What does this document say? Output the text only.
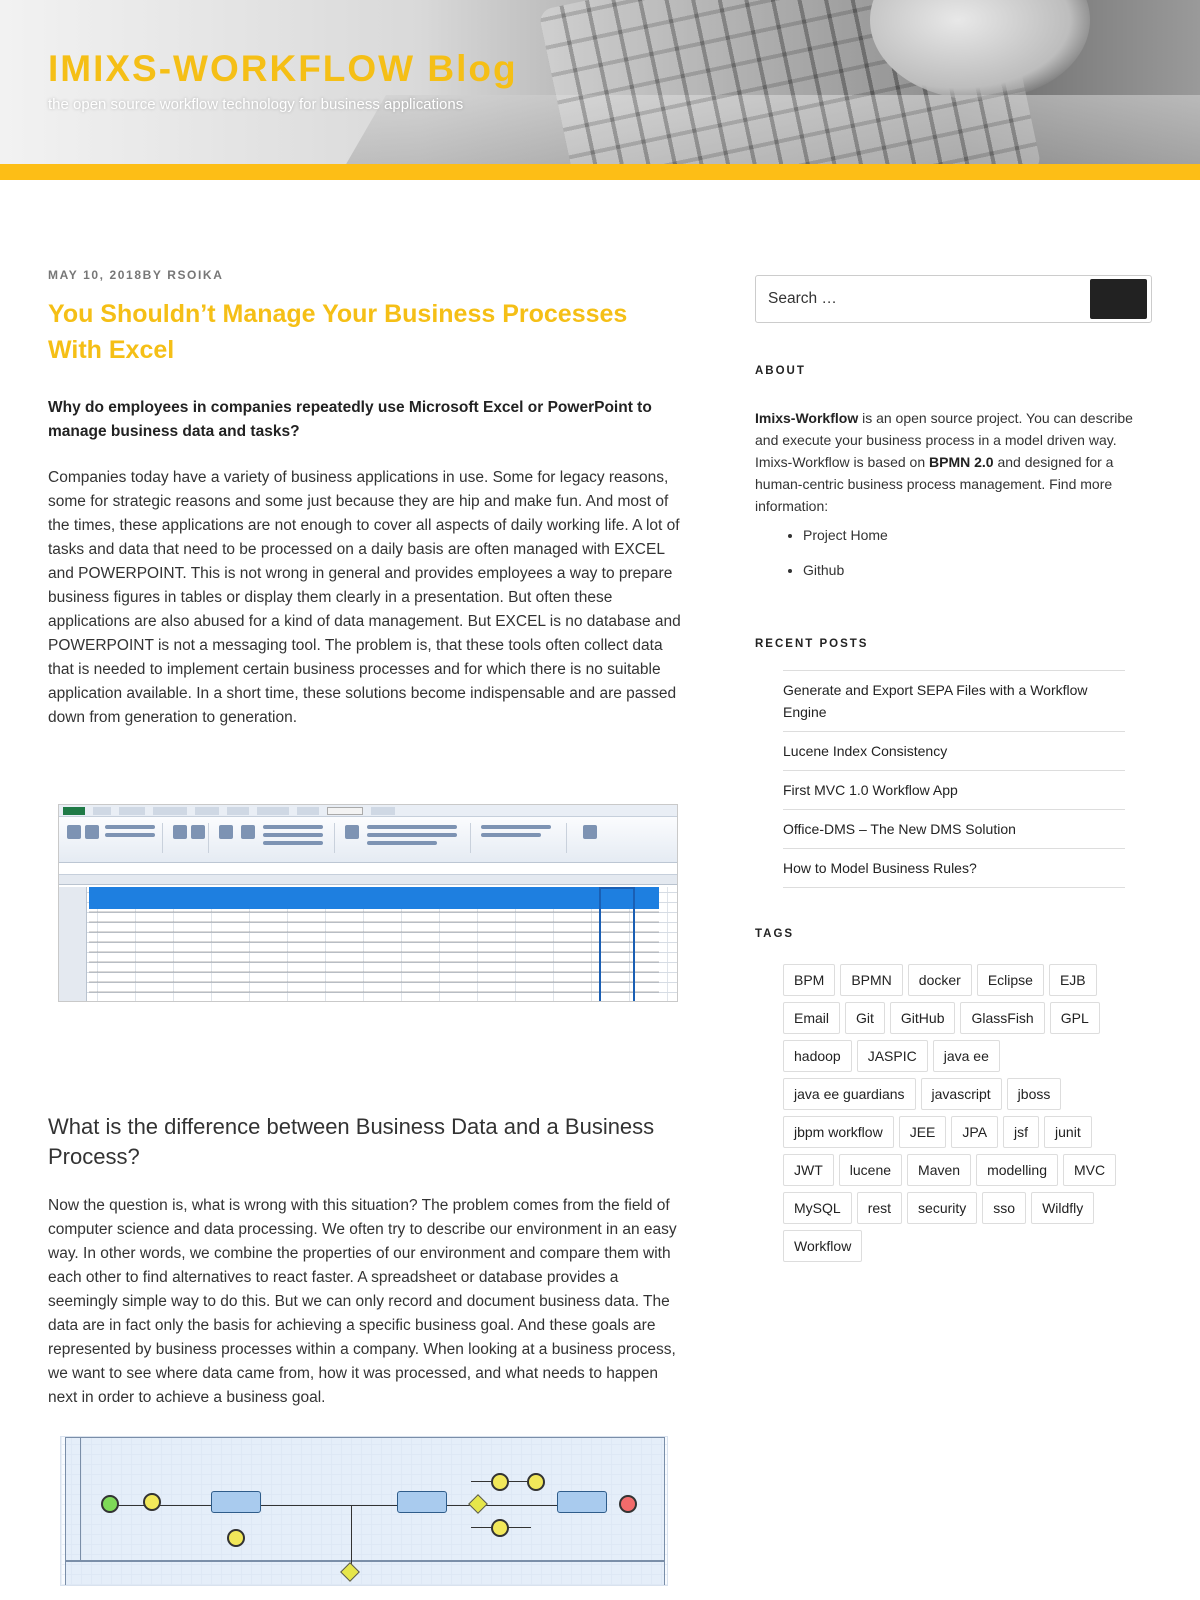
IMIXS-WORKFLOW Blog

the open source workflow technology for business applications

MAY 10, 2018BY RSOIKA
You Shouldn’t Manage Your Business Processes With Excel

Why do employees in companies repeatedly use Microsoft Excel or PowerPoint to manage business data and tasks?

Companies today have a variety of business applications in use. Some for legacy reasons, some for strategic reasons and some just because they are hip and make fun. And most of the times, these applications are not enough to cover all aspects of daily working life. A lot of tasks and data that need to be processed on a daily basis are often managed with EXCEL and POWERPOINT. This is not wrong in general and provides employees a way to prepare business figures in tables or display them clearly in a presentation. But often these applications are also abused for a kind of data management. But EXCEL is no database and POWERPOINT is not a messaging tool. The problem is, that these tools often collect data that is needed to implement certain business processes and for which there is no suitable application available. In a short time, these solutions become indispensable and are passed down from generation to generation.

What is the difference between Business Data and a Business Process?

Now the question is, what is wrong with this situation? The problem comes from the field of computer science and data processing. We often try to describe our environment in an easy way. In other words, we combine the properties of our environment and compare them with each other to find alternatives to react faster. A spreadsheet or database provides a seemingly simple way to do this. But we can only record and document business data. The data are in fact only the basis for achieving a specific business goal. And these goals are represented by business processes within a company. When looking at a business process, we want to see where data came from, how it was processed, and what needs to happen next in order to achieve a business goal.

Search …
ABOUT

Imixs-Workflow is an open source project. You can describe and execute your business process in a model driven way. Imixs-Workflow is based on BPMN 2.0 and designed for a human-centric business process management. Find more information:

• Project Home
• Github
RECENT POSTS
Generate and Export SEPA Files with a Workflow Engine
Lucene Index Consistency
First MVC 1.0 Workflow App
Office-DMS – The New DMS Solution
How to Model Business Rules?
TAGS
BPM	BPMN	docker	Eclipse	EJB
Email	Git	GitHub	GlassFish	GPL
hadoop	JASPIC	java ee
java ee guardians	javascript	jboss
jbpm workflow	JEE	JPA	jsf	junit
JWT	lucene	Maven	modelling	MVC
MySQL	rest	security	sso	Wildfly
Workflow
